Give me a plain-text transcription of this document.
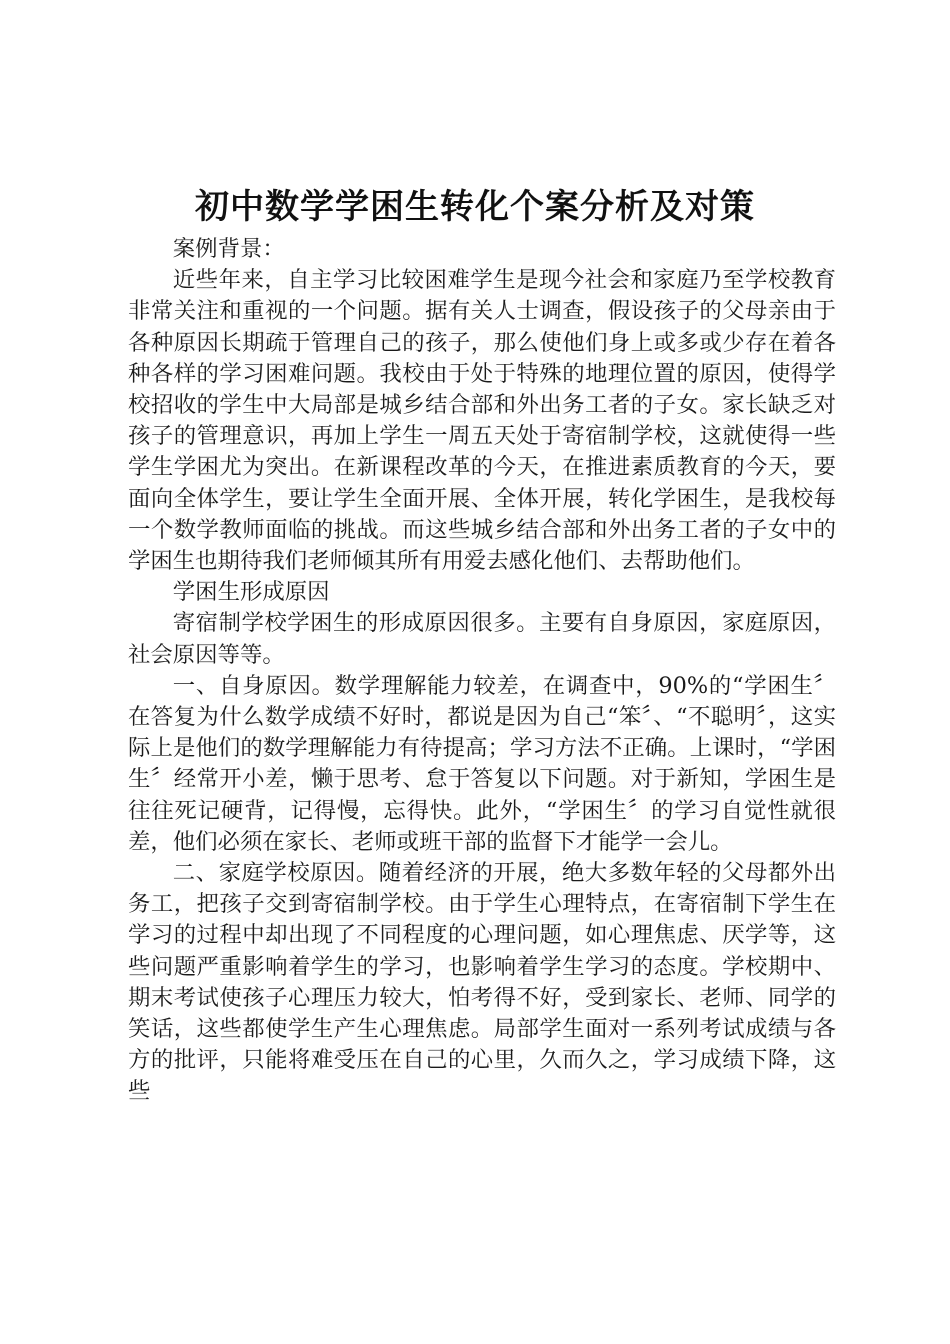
初中数学学困生转化个案分析及对策

案例背景：

近些年来，自主学习比较困难学生是现今社会和家庭乃至学校教育非常关注和重视的一个问题。据有关人士调查，假设孩子的父母亲由于各种原因长期疏于管理自己的孩子，那么使他们身上或多或少存在着各种各样的学习困难问题。我校由于处于特殊的地理位置的原因，使得学校招收的学生中大局部是城乡结合部和外出务工者的子女。家长缺乏对孩子的管理意识，再加上学生一周五天处于寄宿制学校，这就使得一些学生学困尤为突出。在新课程改革的今天，在推进素质教育的今天，要面向全体学生，要让学生全面开展、全体开展，转化学困生，是我校每一个数学教师面临的挑战。而这些城乡结合部和外出务工者的子女中的学困生也期待我们老师倾其所有用爱去感化他们、去帮助他们。

学困生形成原因

寄宿制学校学困生的形成原因很多。主要有自身原因，家庭原因，社会原因等等。

一、自身原因。数学理解能力较差，在调查中，90%的“学困生〞在答复为什么数学成绩不好时，都说是因为自己“笨〞、“不聪明〞，这实际上是他们的数学理解能力有待提高；学习方法不正确。上课时，“学困生〞经常开小差，懒于思考、怠于答复以下问题。对于新知，学困生是往往死记硬背，记得慢，忘得快。此外，“学困生〞的学习自觉性就很差，他们必须在家长、老师或班干部的监督下才能学一会儿。

二、家庭学校原因。随着经济的开展，绝大多数年轻的父母都外出务工，把孩子交到寄宿制学校。由于学生心理特点，在寄宿制下学生在学习的过程中却出现了不同程度的心理问题，如心理焦虑、厌学等，这些问题严重影响着学生的学习，也影响着学生学习的态度。学校期中、期末考试使孩子心理压力较大，怕考得不好，受到家长、老师、同学的笑话，这些都使学生产生心理焦虑。局部学生面对一系列考试成绩与各方的批评，只能将难受压在自己的心里，久而久之，学习成绩下降，这些
